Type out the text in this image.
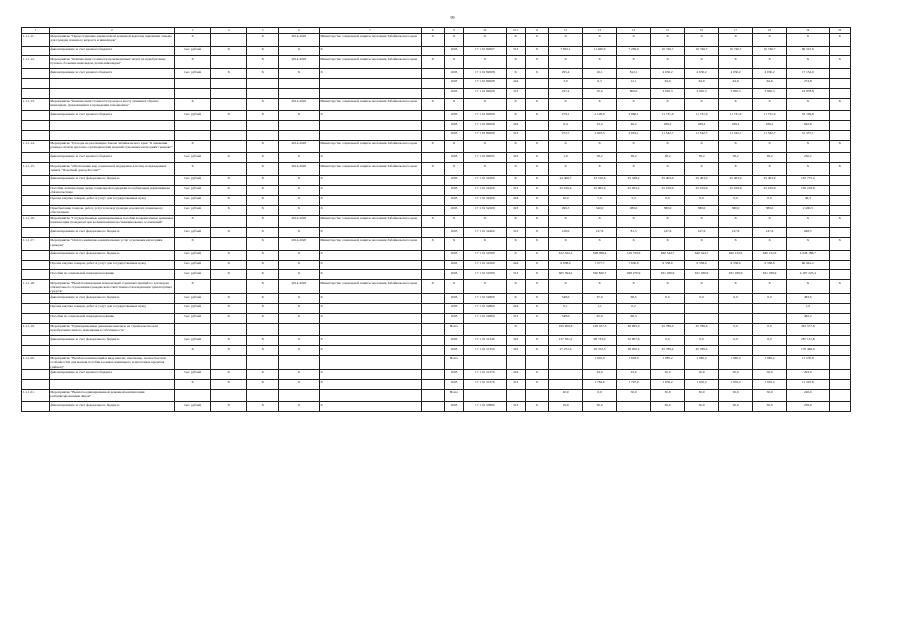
99
1	2	3	4	5	6	7	8	9	10	10.1	11	12	13	14	15	16	17	18	19	20
1.1.1.11.	Мероприятие "Предоставление ежемесячной денежной выплаты приемным семьям для граждан пожилого возраста и инвалидов"	X		X	2014-2020	Министерство социальной защиты населения Забайкальского края	X	X	X	X	X	X	X	X	X	X	X	X	X	X
	финансирование за счет краевого бюджета	тыс. рублей	X	X	X	X		1003	17 1 01 82007	313	X	7 891,1	11 460,0	7 209,0	10 746,7	10 746,7	10 746,7	10 746,7	69 547,0	
1.1.1.12.	Мероприятие "Компенсация стоимости произведенных затрат на приобретение путевок, больным инвалидам, детям-инвалидам"	X		X	2014-2020	Министерство социальной защиты населения Забайкальского края	X	X	X	X	X	X	X	X	X	X	X	X	X	X
	финансирование за счет краевого бюджета	тыс. рублей	X	X	X	X		1003	17 1 01 82008	X	X	295,4	16,1	812,1	4 030,2	4 030,2	4 030,2	4 030,2	17 152,6	
								1003	17 1 01 82008	244		3,0	0,3	12,1	64,9	64,9	64,9	64,9	274,8	
								1003	17 1 01 82008	313		197,4	10,0	800,0	3 965,3	3 965,3	3 965,3	3 965,3	16 878,8	
1.1.1.13.	Мероприятие "Компенсация стоимости проезда к месту лечения и обратно инвалидам, нуждающимся в проведении гемодиализа"	X		X	2014-2020	Министерство социальной защиты населения Забайкальского края	X	X	X	X	X	X	X	X	X	X	X	X	X	X
	финансирование за счет краевого бюджета	тыс. рублей	X	X	X	X		1003	17 1 01 82009	X	X	279,1	2 126,9	2 866,1	11 731,9	11 731,9	11 731,9	11 731,9	52 199,8	
								1003	17 1 01 82009	244		6,4	33,4	46,2	189,2	189,2	189,2	189,2	842,8	
								1003	17 1 01 82009	313		272,7	2 093,5	2 819,1	11 542,7	11 542,7	11 542,7	11 542,7	51 357,1	
1.1.1.14.	Мероприятие "Расходы на реализацию Закона Забайкальского края "О снижении размера оплаты протезно-ортопедических изделий отдельным категориям граждан""	X		X	2014-2020	Министерство социальной защиты населения Забайкальского края	X	X	X	X	X	X	X	X	X	X	X	X	X	X
	финансирование за счет краевого бюджета	тыс. рублей	X	X	X	X		1003	17 1 01 82005	323	X	1,0	38,2	38,2	38,2	38,2	38,2	38,2	230,2	
1.1.1.15.	Мероприятие "Обеспечение мер социальной поддержки для лиц, награжденных знаком "Почетный донор России""	X		X	2014-2020	Министерство социальной защиты населения Забайкальского края	X	X	X	X	X	X	X	X	X	X	X	X	X	X
	финансирование за счет федерального бюджета	тыс. рублей	X	X	X	X		1003	17 1 01 52200	X	X	22 406,7	23 510,6	25 338,2	25 403,0	25 403,0	25 403,0	25 403,0	167 775,4	
	Пособия, компенсации, меры социальной поддержки по публичным нормативным обязательствам	тыс. рублей	X	X	X	X		1003	17 1 01 52200	313	X	22 106,4	22 965,6	25 053,2	25 019,9	25 019,9	25 019,9	25 019,9	165 218,8	
	Прочая закупка товаров, работ и услуг для государственных нужд	тыс. рублей	X	X	X	X		1003	17 1 01 52200	244	X	10,0	7,0	5,3	0,0	0,0	0,0	0,0	46,3	
	Приобретение товаров, работ, услуг в пользу граждан в целях их социального обеспечения	тыс. рублей	X	X	X	X		1003	17 1 01 52200	323	X	290,3	340,0	280,0	380,0	380,0	380,0	380,0	2 490,3	
1.1.1.16.	Мероприятие "Государственные единовременные пособия и ежемесячные денежные компенсации гражданам при возникновении поствакцинальных осложнений"	X		X	2014-2020	Министерство социальной защиты населения Забайкальского края	X	X	X	X	X	X	X	X	X	X	X	X	X	X
	финансирование за счет федерального бюджета	тыс. рублей	X	X	X	X		1003	17 1 01 52400	313	X	128,0	147,6	81,5	147,6	147,6	147,6	147,6	948,5	
1.1.1.17.	Мероприятие "Оплата жилищно-коммунальных услуг отдельным категориям граждан"	X		X	2014-2020	Министерство социальной защиты населения Забайкальского края	X	X	X	X	X	X	X	X	X	X	X	X	X	X
	финансирование за счет федерального бюджета	тыс. рублей	X	X	X	X		1003	17 1 01 52500	X	X	612 332,2	548 098,4	519 720,9	640 544,7	640 544,7	640 132,9	640 132,9	4 228 186,7	
	Прочая закупка товаров, работ и услуг для государственных нужд	тыс. рублей	X	X	X	X		1003	17 1 01 52500	244	X	6 938,0	7 077,7	7 650,0	9 358,0	9 358,0	9 358,0	9 358,0	60 961,2	
	Пособия по социальной помощи населению	тыс. рублей	X	X	X	X		1003	17 1 01 52500	313	X	605 394,2	540 820,7	498 270,9	631 186,9	631 186,9	631 186,9	631 186,9	4 167 225,4	
1.1.1.18.	Мероприятие "Выплата инвалидам компенсаций страховых премий по договорам обязательного страхования гражданской ответственности владельцев транспортных средств"	X		X	2014-2020	Министерство социальной защиты населения Забайкальского края	X	X	X	X	X	X	X	X	X	X	X	X	X	X
	финансирование за счет федерального бюджета	тыс. рублей	X	X	X	X		1003	17 1 01 52800	X	X	348,0	67,0	68,5	0,0	0,0	0,0	0,0	483,6	
	Прочая закупка товаров, работ и услуг для государственных нужд	тыс. рублей	X	X	X	X		1003	17 1 01 52800	244	X	0,1	1,1	0,2					1,9	
	Пособия по социальной помощи населению	тыс. рублей	X	X	X	X		1003	17 1 01 52800	313	X	348,0	65,9	68,3					482,2	
1.1.1.19.	Мероприятие "Единовременные денежные выплаты на строительство или приобретение жилого помещения в собственность"							Всего		X		165 909,6	128 107,3	46 995,0	45 786,4	45 786,4	0,0	0,0	461 577,8	
	финансирование за счет федерального бюджета	тыс. рублей	X	X	X	X		1003	17 1 01 51340	322	X	137 631,2	98 733,0	52 907,6	0,0	0,0	0,0	0,0	287 131,8	
		X	X	X	X	X		1003	17 1 01 51350	322	X	27 272,4	29 372,3	28 050,2	45 786,4	45 786,4			170 466,0	
1.1.1.20.	Мероприятие "Выплата компенсаций в виде выплат, пенсионер, полностью или особенностях для выдачи пособия в рамках жилищного и ипотечных кредитов (займов)"							Всего					1 810,0	1 818,0	1 985,2	1 985,2	1 985,2	1 985,2	11 570,8	
	финансирование за счет краевого бюджета	тыс. рублей	X	X	X	X		1003	17 1 01 51370	244	X		34,0	23,0	50,0	50,0	50,0	50,0	293,0	
		X	X	X	X	X		1003	17 1 01 51370	313	X		1 784,0	1 797,0	1 935,2	1 935,2	1 935,2	1 935,2	11 325,8	
1.1.1.21.	Мероприятие "Выплата единовременной денежной компенсации реабилитированным лицам"							Всего				20,0	0,0	50,0	50,0	50,0	50,0	50,0	220,0	
	финансирование за счет федерального бюджета	тыс. рублей	X	X	X	X		1003	17 1 01 53800	313	X	19,9	20,0		50,0	50,0	50,0	50,0	239,9	
